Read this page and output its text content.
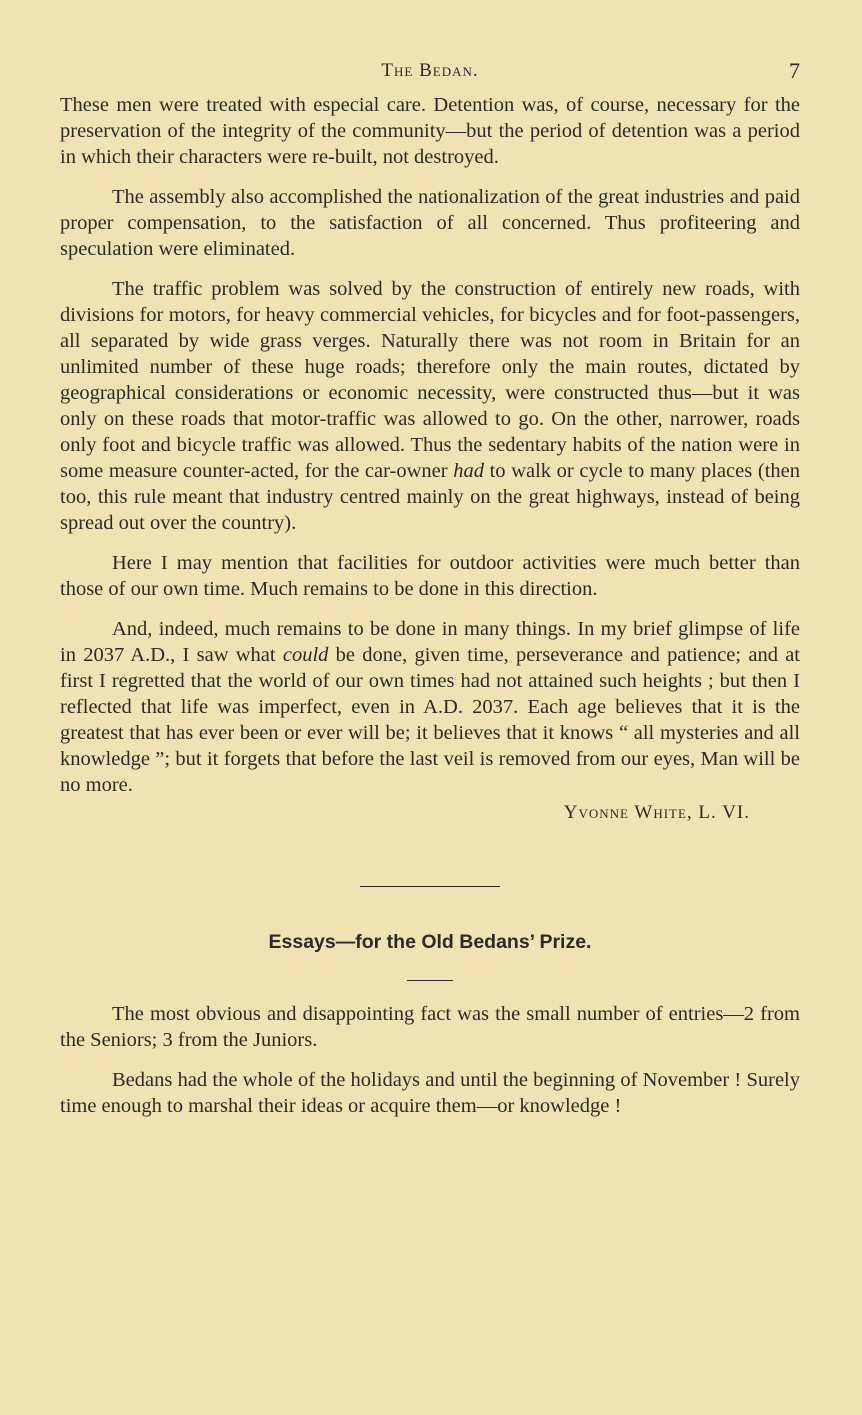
The Bedan.	7

These men were treated with especial care. Detention was, of course, necessary for the preservation of the integrity of the community—but the period of detention was a period in which their characters were re-built, not destroyed.

The assembly also accomplished the nationalization of the great industries and paid proper compensation, to the satisfaction of all concerned. Thus profiteering and speculation were eliminated.

The traffic problem was solved by the construction of entirely new roads, with divisions for motors, for heavy commercial vehicles, for bicycles and for foot-passengers, all separated by wide grass verges. Naturally there was not room in Britain for an unlimited number of these huge roads; therefore only the main routes, dictated by geographical considerations or economic necessity, were constructed thus—but it was only on these roads that motor-traffic was allowed to go. On the other, narrower, roads only foot and bicycle traffic was allowed. Thus the sedentary habits of the nation were in some measure counter-acted, for the car-owner had to walk or cycle to many places (then too, this rule meant that industry centred mainly on the great highways, instead of being spread out over the country).

Here I may mention that facilities for outdoor activities were much better than those of our own time. Much remains to be done in this direction.

And, indeed, much remains to be done in many things. In my brief glimpse of life in 2037 A.D., I saw what could be done, given time, perseverance and patience; and at first I regretted that the world of our own times had not attained such heights ; but then I reflected that life was imperfect, even in A.D. 2037. Each age believes that it is the greatest that has ever been or ever will be; it believes that it knows “ all mysteries and all knowledge ”; but it forgets that before the last veil is removed from our eyes, Man will be no more.

Yvonne White, L. VI.
Essays—for the Old Bedans’ Prize.

The most obvious and disappointing fact was the small number of entries—2 from the Seniors; 3 from the Juniors.

Bedans had the whole of the holidays and until the beginning of November ! Surely time enough to marshal their ideas or acquire them—or knowledge !
